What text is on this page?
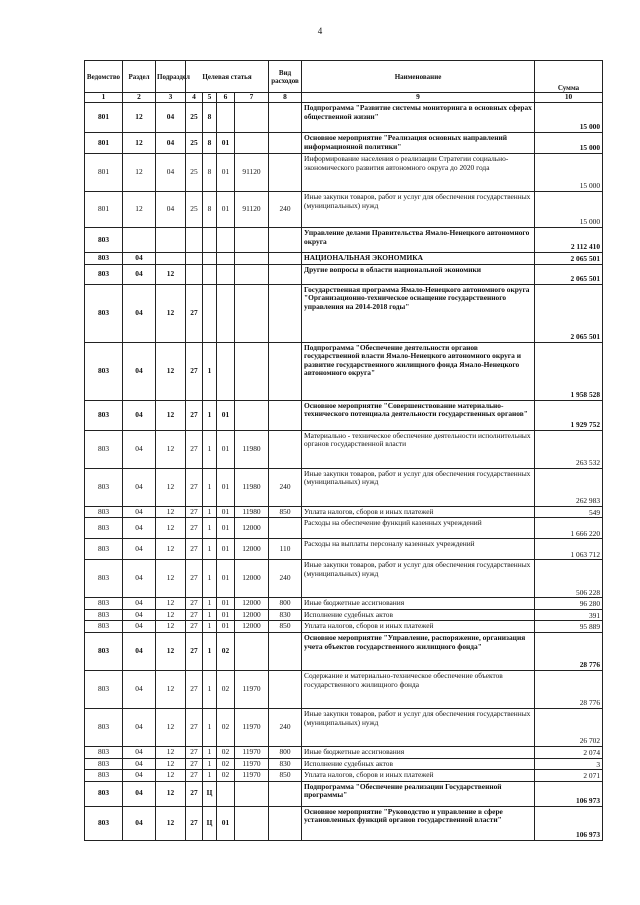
4
Ведомство	Раздел	Подраздел	Целевая статья				Вид расходов	Наименование	Сумма
1	2	3	4	5	6	7	8	9	10
801	12	04	25	8				Подпрограмма "Развитие системы мониторинга в основных сферах общественной жизни"	15 000
801	12	04	25	8	01			Основное мероприятие "Реализация основных направлений информационной политики"	15 000
801	12	04	25	8	01	91120		Информирование населения о реализации Стратегии социально-экономического развития автономного округа до 2020 года	15 000
801	12	04	25	8	01	91120	240	Иные закупки товаров, работ и услуг для обеспечения государственных (муниципальных) нужд	15 000
803								Управление делами Правительства Ямало-Ненецкого автономного округа	2 112 410
803	04							НАЦИОНАЛЬНАЯ ЭКОНОМИКА	2 065 501
803	04	12						Другие вопросы в области национальной экономики	2 065 501
803	04	12	27					Государственная программа Ямало-Ненецкого автономного округа "Организационно-техническое оснащение государственного управления на 2014-2018 годы"	2 065 501
803	04	12	27	1				Подпрограмма "Обеспечение деятельности органов государственной власти Ямало-Ненецкого автономного округа и развитие государственного жилищного фонда Ямало-Ненецкого автономного округа"	1 958 528
803	04	12	27	1	01			Основное мероприятие "Совершенствование материально-технического потенциала деятельности государственных органов"	1 929 752
803	04	12	27	1	01	11980		Материально - техническое обеспечение деятельности исполнительных органов государственной власти	263 532
803	04	12	27	1	01	11980	240	Иные закупки товаров, работ и услуг для обеспечения государственных (муниципальных) нужд	262 983
803	04	12	27	1	01	11980	850	Уплата налогов, сборов и иных платежей	549
803	04	12	27	1	01	12000		Расходы на обеспечение функций казенных учреждений	1 666 220
803	04	12	27	1	01	12000	110	Расходы на выплаты персоналу казенных учреждений	1 063 712
803	04	12	27	1	01	12000	240	Иные закупки товаров, работ и услуг для обеспечения государственных (муниципальных) нужд	506 228
803	04	12	27	1	01	12000	800	Иные бюджетные ассигнования	96 280
803	04	12	27	1	01	12000	830	Исполнение судебных актов	391
803	04	12	27	1	01	12000	850	Уплата налогов, сборов и иных платежей	95 889
803	04	12	27	1	02			Основное мероприятие "Управление, распоряжение, организация учета объектов государственного жилищного фонда"	28 776
803	04	12	27	1	02	11970		Содержание и материально-техническое обеспечение объектов государственного жилищного фонда	28 776
803	04	12	27	1	02	11970	240	Иные закупки товаров, работ и услуг для обеспечения государственных (муниципальных) нужд	26 702
803	04	12	27	1	02	11970	800	Иные бюджетные ассигнования	2 074
803	04	12	27	1	02	11970	830	Исполнение судебных актов	3
803	04	12	27	1	02	11970	850	Уплата налогов, сборов и иных платежей	2 071
803	04	12	27	Ц				Подпрограмма "Обеспечение реализации Государственной программы"	106 973
803	04	12	27	Ц	01			Основное мероприятие "Руководство и управление в сфере установленных функций органов государственной власти"	106 973
